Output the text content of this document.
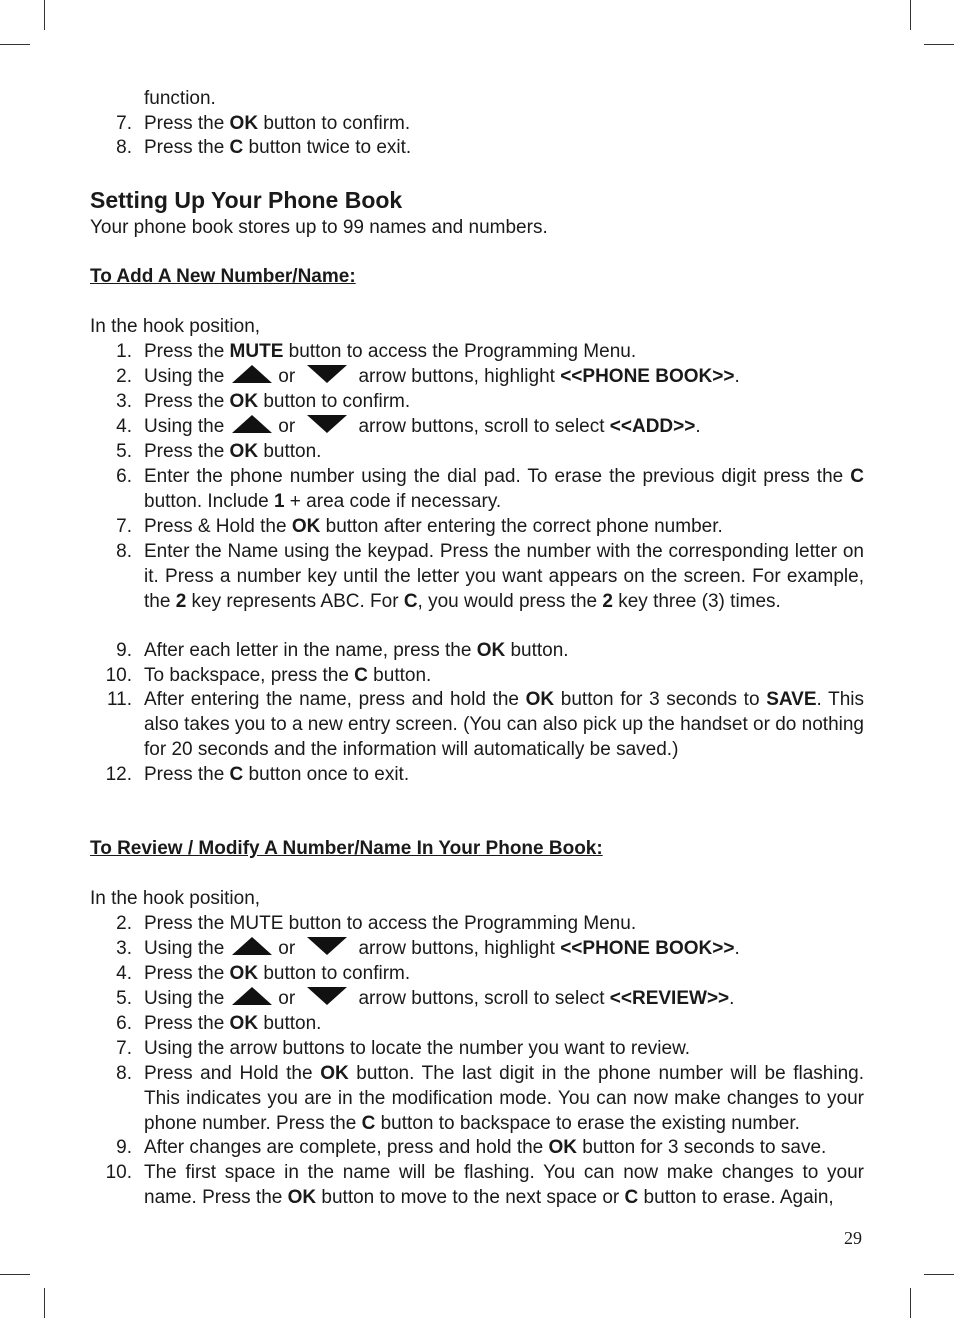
function.
7. Press the OK button to confirm.
8. Press the C button twice to exit.
Setting Up Your Phone Book
Your phone book stores up to 99 names and numbers.
To Add A New Number/Name:
In the hook position,
1. Press the MUTE button to access the Programming Menu.
2. Using the	or	arrow buttons, highlight <<PHONE BOOK>>.
3. Press the OK button to confirm.
4. Using the	or	arrow buttons, scroll to select <<ADD>>.
5. Press the OK button.
6. Enter the phone number using the dial pad. To erase the previous digit press the C button. Include 1 + area code if necessary.
7. Press & Hold the OK button after entering the correct phone number.
8. Enter the Name using the keypad. Press the number with the corresponding letter on it. Press a number key until the letter you want appears on the screen. For example, the 2 key represents ABC. For C, you would press the 2 key three (3) times.
9. After each letter in the name, press the OK button.
10. To backspace, press the C button.
11. After entering the name, press and hold the OK button for 3 seconds to SAVE. This also takes you to a new entry screen. (You can also pick up the handset or do nothing for 20 seconds and the information will automatically be saved.)
12. Press the C button once to exit.
To Review / Modify A Number/Name In Your Phone Book:
In the hook position,
2. Press the MUTE button to access the Programming Menu.
3. Using the	or	arrow buttons, highlight <<PHONE BOOK>>.
4. Press the OK button to confirm.
5. Using the	or	arrow buttons, scroll to select <<REVIEW>>.
6. Press the OK button.
7. Using the arrow buttons to locate the number you want to review.
8. Press and Hold the OK button. The last digit in the phone number will be flashing. This indicates you are in the modification mode. You can now make changes to your phone number. Press the C button to backspace to erase the existing number.
9. After changes are complete, press and hold the OK button for 3 seconds to save.
10. The first space in the name will be flashing. You can now make changes to your name. Press the OK button to move to the next space or C button to erase. Again,
29
